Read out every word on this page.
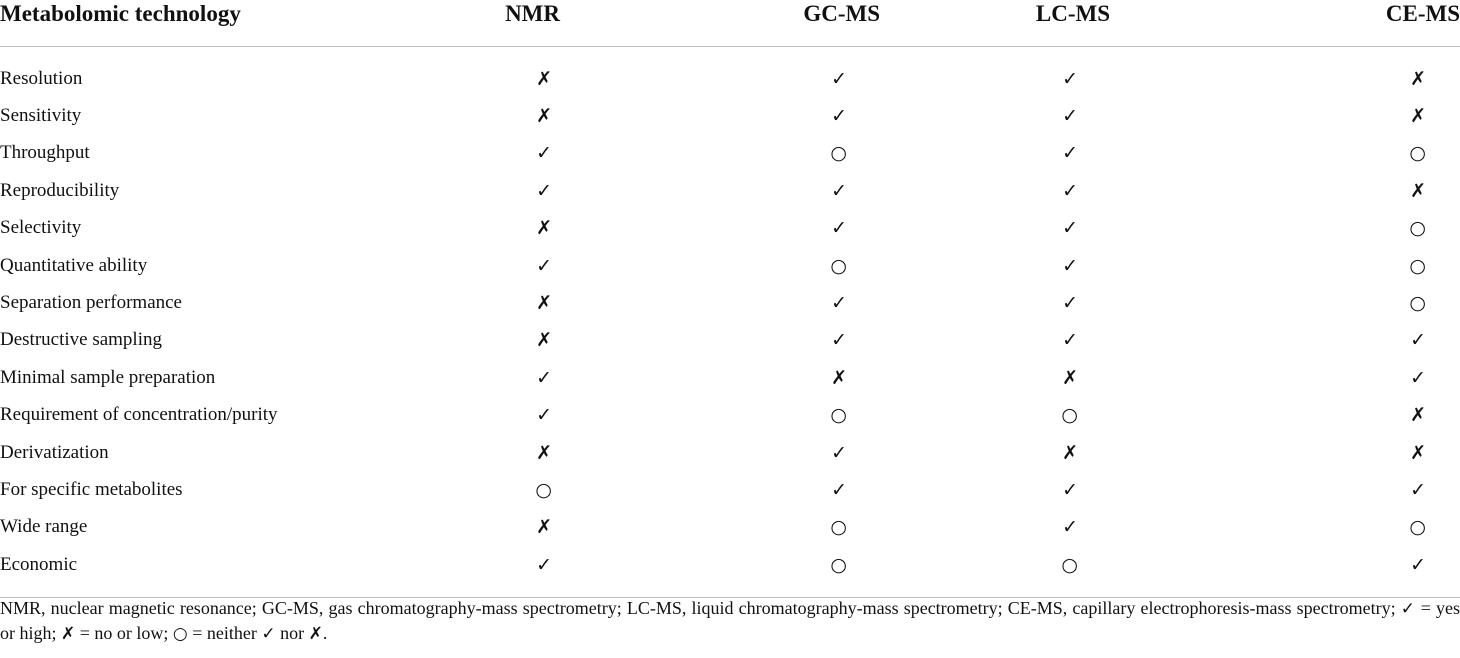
Metabolomic technology	NMR	GC-MS	LC-MS	CE-MS

Resolution	✗	✓	✓	✗
Sensitivity	✗	✓	✓	✗
Throughput	✓	○	✓	○
Reproducibility	✓	✓	✓	✗
Selectivity	✗	✓	✓	○
Quantitative ability	✓	○	✓	○
Separation performance	✗	✓	✓	○
Destructive sampling	✗	✓	✓	✓
Minimal sample preparation	✓	✗	✗	✓
Requirement of concentration/purity	✓	○	○	✗
Derivatization	✗	✓	✗	✗
For specific metabolites	○	✓	✓	✓
Wide range	✗	○	✓	○
Economic	✓	○	○	✓

NMR, nuclear magnetic resonance; GC-MS, gas chromatography-mass spectrometry; LC-MS, liquid chromatography-mass spectrometry; CE-MS, capillary electrophoresis-mass spectrometry; ✓ = yes or high; ✗ = no or low; ○ = neither ✓ nor ✗.
